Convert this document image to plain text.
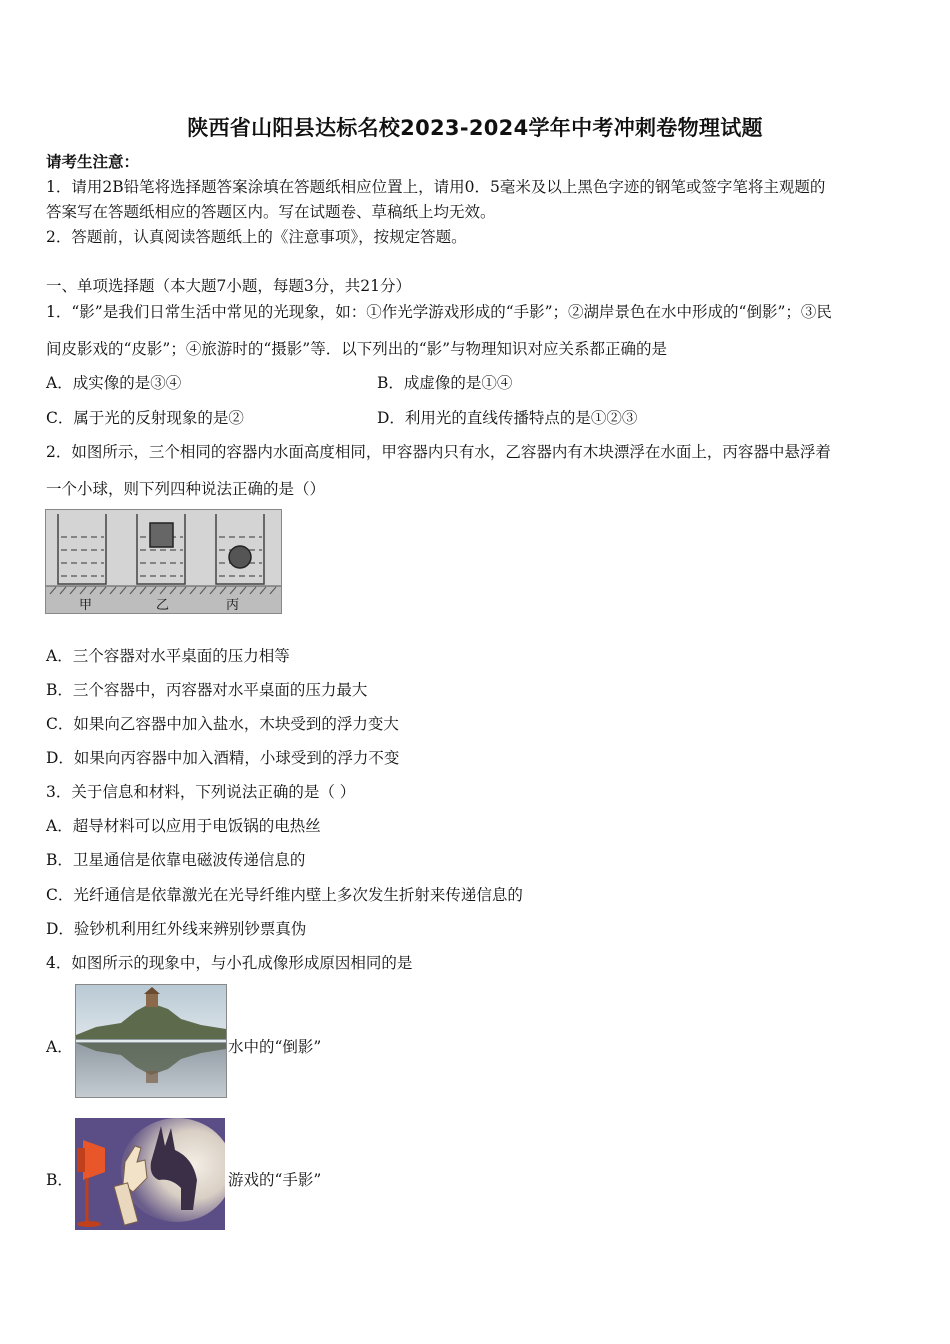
陕西省山阳县达标名校2023-2024学年中考冲刺卷物理试题
请考生注意：
1．请用2B铅笔将选择题答案涂填在答题纸相应位置上，请用0．5毫米及以上黑色字迹的钢笔或签字笔将主观题的
答案写在答题纸相应的答题区内。写在试题卷、草稿纸上均无效。
2．答题前，认真阅读答题纸上的《注意事项》，按规定答题。
一、单项选择题（本大题7小题，每题3分，共21分）
1．“影”是我们日常生活中常见的光现象，如：①作光学游戏形成的“手影”；②湖岸景色在水中形成的“倒影”；③民
间皮影戏的“皮影”；④旅游时的“摄影”等．以下列出的“影”与物理知识对应关系都正确的是
A．成实像的是③④	B．成虚像的是①④
C．属于光的反射现象的是②	D．利用光的直线传播特点的是①②③
2．如图所示，三个相同的容器内水面高度相同，甲容器内只有水，乙容器内有木块漂浮在水面上，丙容器中悬浮着
一个小球，则下列四种说法正确的是（）
甲	乙	丙
A．三个容器对水平桌面的压力相等
B．三个容器中，丙容器对水平桌面的压力最大
C．如果向乙容器中加入盐水，木块受到的浮力变大
D．如果向丙容器中加入酒精，小球受到的浮力不变
3．关于信息和材料，下列说法正确的是（ ）
A．超导材料可以应用于电饭锅的电热丝
B．卫星通信是依靠电磁波传递信息的
C．光纤通信是依靠激光在光导纤维内壁上多次发生折射来传递信息的
D．验钞机利用红外线来辨别钞票真伪
4．如图所示的现象中，与小孔成像形成原因相同的是
A．	水中的“倒影”
B．	游戏的“手影”
